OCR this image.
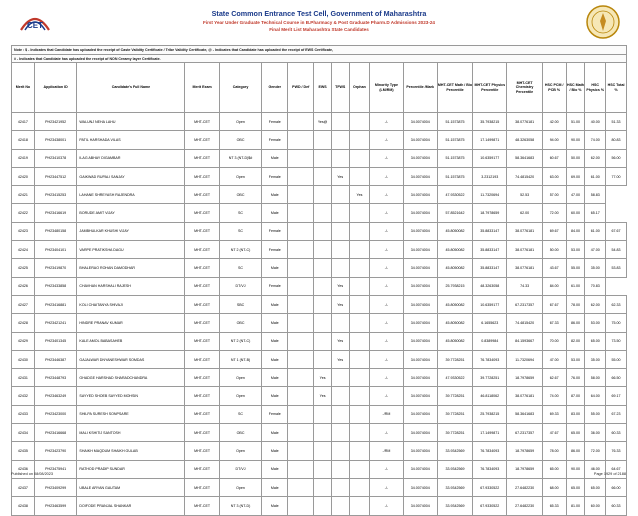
CET
State Common Entrance Test Cell, Government of Maharashtra
First Year Under Graduate Technical Course in B.Pharmacy & Post Graduate Pharm.D Admissions 2023-24
Final Merit List Maharashtra State Candidates
Note : $ - Indicates that Candidate has uploaded the receipt of Caste Validity Certificate / Tribe Validity Certificate, @ - Indicates that Candidate has uploaded the receipt of EWS Certificate,
# - Indicates that Candidate has uploaded the receipt of NON Creamy layer Certificate.
Merit No	Application ID	Candidate's Full Name	Merit Exam	Category	Gender	PWD / Def	EWS	TFWS	Orphan	Minority Type (LM/RM)	Percentile /Mark	MHT-CET Math / Bio Percentile	MHT-CET Physics Percentile	MHT-CET Chemistry Percentile	HSC PCM / PCB %	HSC Math / Bio %	HSC Physics %	HSC Total %
42417	PH23421952	WALUNJ NEHA LAHU	MHT-CET	Open	Female		Yes@			-/-	34.0074004	51.1573875	35.7938215	38.0776181	42.00	51.00	40.00	51.33
42418	PH23438001	PATIL HARSHADA VILAS	MHT-CET	OBC	Female					-/-	34.0074004	51.1573875	17.1499871	48.3263058	94.00	90.00	74.00	80.83
42419	PH23410378	ILAG ABHAY DIGAMBAR	MHT-CET	NT 3 (NT-D)$#	Male					-/-	34.0074004	51.1573875	10.6359177	58.3641683	60.67	50.00	62.00	56.00
42420	PH23447512	GAIKWAD RUPALI SANJAY	MHT-CET	Open	Female			Yes		-/-	34.0074004	51.1573875	3.2312193	74.4815420	63.00	69.00	61.00	77.00
42421	PH23415253	LAHANE SHREYASH RAJENDRA	MHT-CET	OBC	Male				Yes	-/-	34.0074004	47.9330522	11.7320694	52.53	57.00	47.00	58.83	
42422	PH23416619	BORUDE AMIT VIJAY	MHT-CET	SC	Male					-/-	34.0074004	57.8521642	18.7978659	62.00	72.00	60.00	65.17	
42423	PH23480158	JAMBHULKAR KHUSHI VIJAY	MHT-CET	SC	Female					-/-	34.0074004	45.8050082	35.8833147	38.0776181	69.67	84.00	61.00	67.67
42424	PH23404101	VARPE PRATIKSHA DAGU	MHT-CET	NT 2 (NT-C)	Female					-/-	34.0074004	45.8050082	35.8833147	38.0776181	50.00	53.00	47.00	54.83
42425	PH23419870	BHALERAO ROHAN DAMODHAR	MHT-CET	SC	Male					-/-	34.0074004	45.8050082	35.8833147	38.0776181	43.67	55.00	35.00	53.83
42426	PH23433858	CHAVHAN HARSHALI RAJESH	MHT-CET	DT/VJ	Female			Yes		-/-	34.0074004	25.7938215	48.3263058	74.33	84.00	61.00	70.83	
42427	PH23416881	KOLI CHAITANYA SHIVAJI	MHT-CET	SBC	Male			Yes		-/-	34.0074004	45.8050082	10.6359177	67.2317357	67.67	78.00	62.00	62.33
42428	PH23421241	HINDRE PRANAV KUMAR	MHT-CET	OBC	Male					-/-	34.0074004	45.8050082	6.1655623	74.4815420	67.33	86.00	53.00	75.00
42429	PH23401345	KALE AMOL BABASAHEB	MHT-CET	NT 2 (NT-C)	Male			Yes		-/-	34.0074004	45.8050082	0.8389984	84.1593667	70.00	82.00	65.00	73.50
42430	PH23446387	GAJALWAR DNYANESHWAR SOMDAS	MHT-CET	NT 1 (NT-B)	Male			Yes		-/-	34.0074004	39.7728251	76.7834093	11.7320694	47.00	53.00	35.00	55.00
42431	PH23448793	GHADGE HARSHAD SHARADCHANDRA	MHT-CET	Open	Male		Yes			-/-	34.0074004	47.9330522	39.7728251	18.7978659	62.67	76.00	58.00	66.50
42432	PH23463249	SAYYED SHOEB SAYYED MOHSIN	MHT-CET	Open	Male		Yes			-/-	34.0074004	39.7728251	46.8118062	38.0776181	74.00	87.00	64.00	69.17
42433	PH23423000	SHILPA SURESH SONPSARE	MHT-CET	SC	Female					-/RM	34.0074004	39.7728251	25.7938215	58.3641683	69.33	83.00	55.00	67.23
42434	PH23416668	MALI KSHITIJ SANTOSH	MHT-CET	OBC	Male					-/-	34.0074004	39.7728251	17.1499871	67.2317357	47.67	65.00	36.00	60.33
42435	PH23423790	SHAIKH MAQDUM SHAIKH GULAB	MHT-CET	Open	Male					-/RM	34.0074004	33.9342569	76.7834093	18.7978659	78.00	86.00	72.00	76.33
42436	PH23475941	RATHOD PRADIP SUNDAR	MHT-CET	DT/VJ	Male					-/-	34.0074004	33.9342569	76.7834093	18.7978659	65.00	90.00	46.00	64.67
42437	PH23409299	UBALE ARYAN GAUTAM	MHT-CET	Open	Male					-/-	34.0074004	33.9342569	67.9330522	27.6482230	68.00	65.00	65.00	66.00
42438	PH23463599	DOIFODE PRANJAL SHANKAR	MHT-CET	NT 3 (NT-D)	Male					-/-	34.0074004	33.9342569	67.9330522	27.6482230	65.33	81.00	60.00	60.33
Published on 08/08/2023	Page 1929 of 2188
